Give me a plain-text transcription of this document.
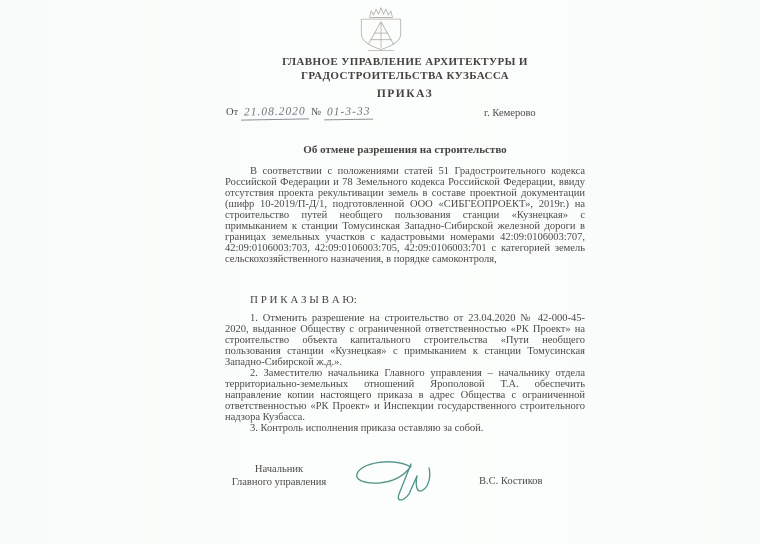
ГЛАВНОЕ УПРАВЛЕНИЕ АРХИТЕКТУРЫ И
ГРАДОСТРОИТЕЛЬСТВА КУЗБАССА
ПРИКАЗ
От 21.08.2020 № 01-3-33	г. Кемерово
Об отмене разрешения на строительство

В соответствии с положениями статей 51 Градостроительного кодекса Российской Федерации и 78 Земельного кодекса Российской Федерации, ввиду отсутствия проекта рекультивации земель в составе проектной документации (шифр 10-2019/П-Д/1, подготовленной ООО «СИБГЕОПРОЕКТ», 2019г.) на строительство путей необщего пользования станции «Кузнецкая» с примыканием к станции Томусинская Западно-Сибирской железной дороги в границах земельных участков с кадастровыми номерами 42:09:0106003:707, 42:09:0106003:703, 42:09:0106003:705, 42:09:0106003:701 с категорией земель сельскохозяйственного назначения, в порядке самоконтроля,

П Р И К А З Ы В А Ю:

1. Отменить разрешение на строительство от 23.04.2020 № 42-000-45-2020, выданное Обществу с ограниченной ответственностью «РК Проект» на строительство объекта капитального строительства «Пути необщего пользования станции «Кузнецкая» с примыканием к станции Томусинская Западно-Сибирской ж.д.».

2. Заместителю начальника Главного управления – начальнику отдела территориально-земельных отношений Ярополовой Т.А. обеспечить направление копии настоящего приказа в адрес Общества с ограниченной ответственностью «РК Проект» и Инспекции государственного строительного надзора Кузбасса.

3. Контроль исполнения приказа оставляю за собой.

Начальник
Главного управления	В.С. Костиков
